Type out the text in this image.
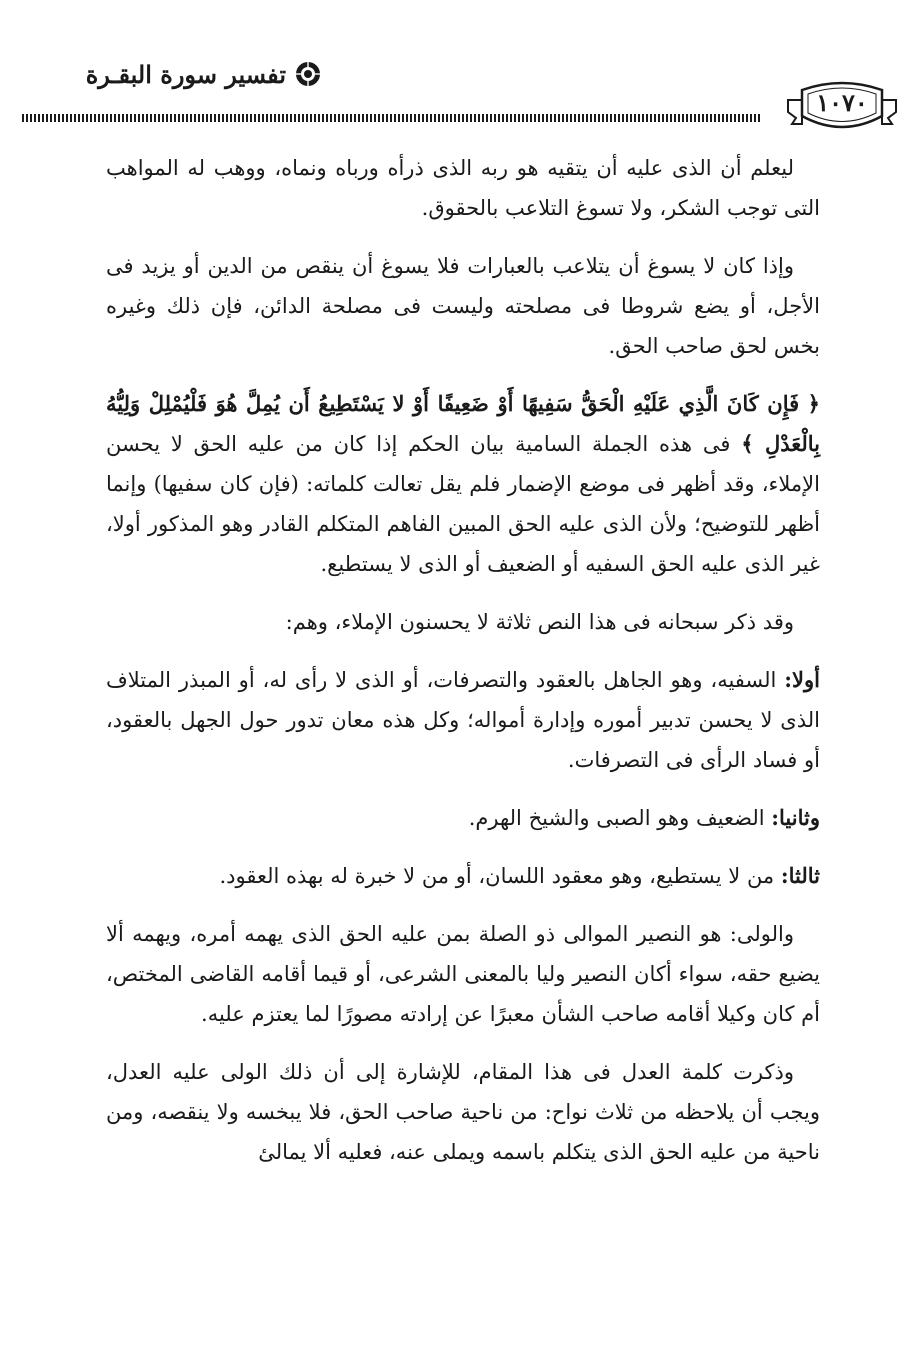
تفسير سورة البقـرة
١٠٧٠

ليعلم أن الذى عليه أن يتقيه هو ربه الذى ذرأه ورباه ونماه، ووهب له المواهب التى توجب الشكر، ولا تسوغ التلاعب بالحقوق.

وإذا كان لا يسوغ أن يتلاعب بالعبارات فلا يسوغ أن ينقص من الدين أو يزيد فى الأجل، أو يضع شروطا فى مصلحته وليست فى مصلحة الدائن، فإن ذلك وغيره بخس لحق صاحب الحق.

﴿ فَإِن كَانَ الَّذِي عَلَيْهِ الْحَقُّ سَفِيهًا أَوْ ضَعِيفًا أَوْ لا يَسْتَطِيعُ أَن يُمِلَّ هُوَ فَلْيُمْلِلْ وَلِيُّهُ بِالْعَدْلِ ﴾ فى هذه الجملة السامية بيان الحكم إذا كان من عليه الحق لا يحسن الإملاء، وقد أظهر فى موضع الإضمار فلم يقل تعالت كلماته: (فإن كان سفيها) وإنما أظهر للتوضيح؛ ولأن الذى عليه الحق المبين الفاهم المتكلم القادر وهو المذكور أولا، غير الذى عليه الحق السفيه أو الضعيف أو الذى لا يستطيع.

وقد ذكر سبحانه فى هذا النص ثلاثة لا يحسنون الإملاء، وهم:

أولا: السفيه، وهو الجاهل بالعقود والتصرفات، أو الذى لا رأى له، أو المبذر المتلاف الذى لا يحسن تدبير أموره وإدارة أمواله؛ وكل هذه معان تدور حول الجهل بالعقود، أو فساد الرأى فى التصرفات.

وثانيا: الضعيف وهو الصبى والشيخ الهرم.

ثالثا: من لا يستطيع، وهو معقود اللسان، أو من لا خبرة له بهذه العقود.

والولى: هو النصير الموالى ذو الصلة بمن عليه الحق الذى يهمه أمره، ويهمه ألا يضيع حقه، سواء أكان النصير وليا بالمعنى الشرعى، أو قيما أقامه القاضى المختص، أم كان وكيلا أقامه صاحب الشأن معبرًا عن إرادته مصورًا لما يعتزم عليه.

وذكرت كلمة العدل فى هذا المقام، للإشارة إلى أن ذلك الولى عليه العدل، ويجب أن يلاحظه من ثلاث نواح: من ناحية صاحب الحق، فلا يبخسه ولا ينقصه، ومن ناحية من عليه الحق الذى يتكلم باسمه ويملى عنه، فعليه ألا يمالئ
